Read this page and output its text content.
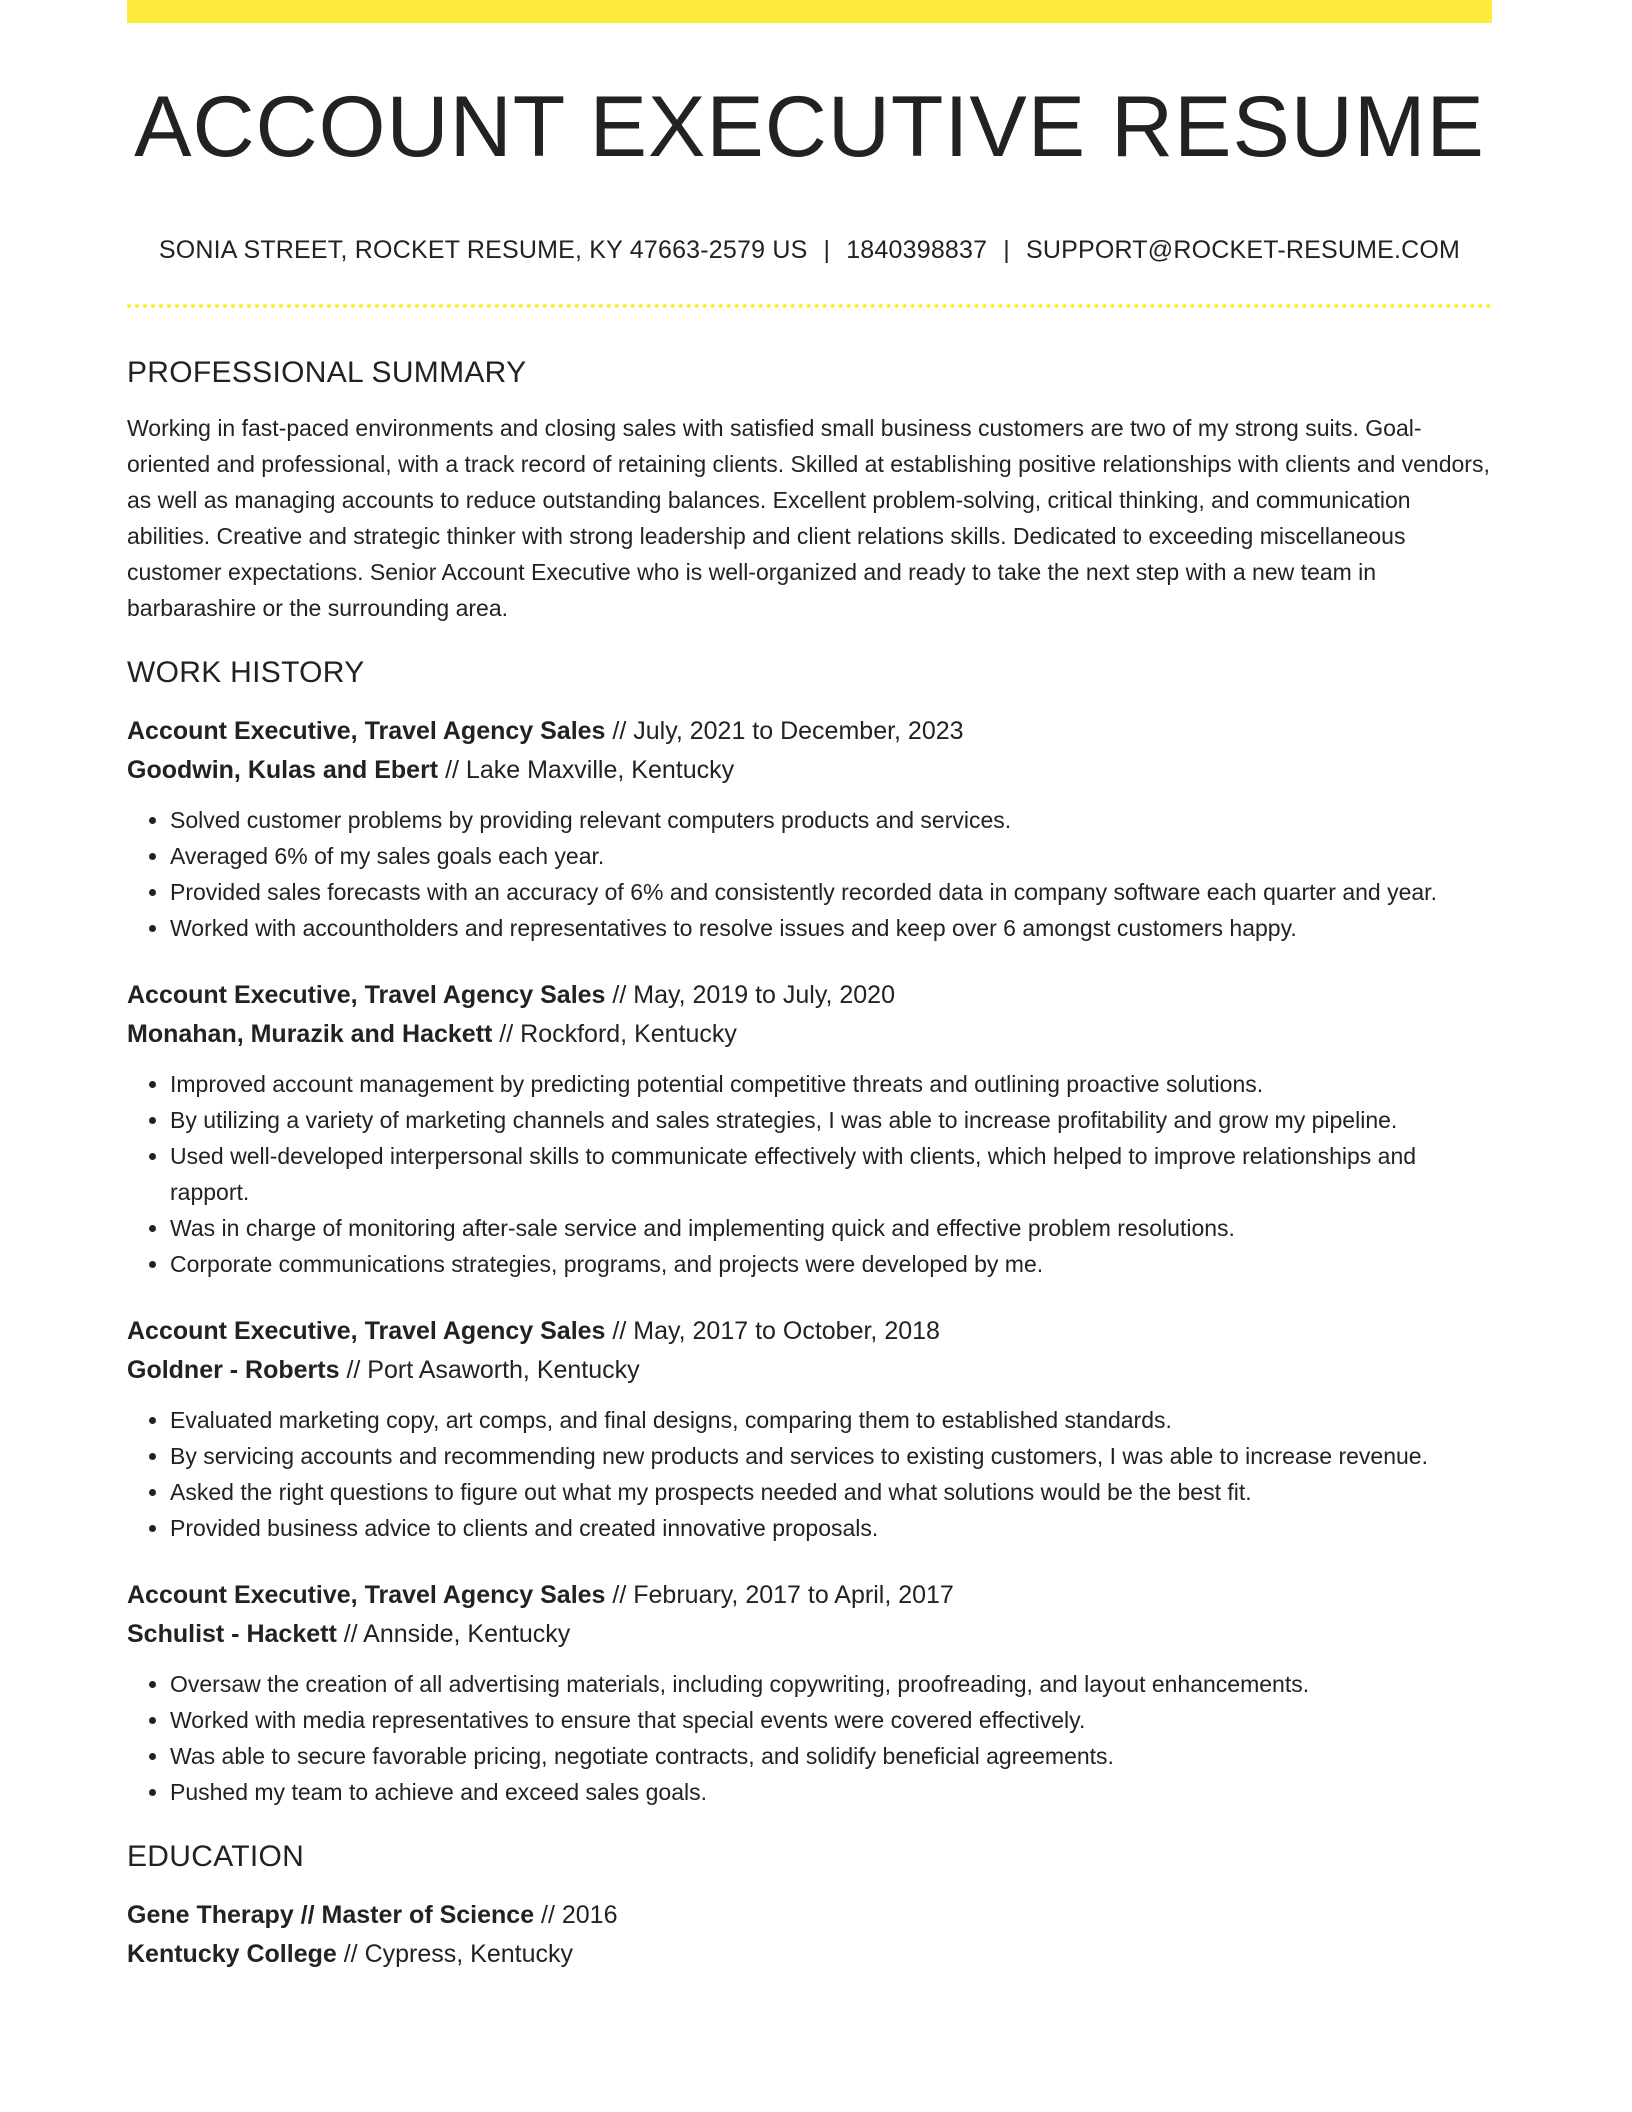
ACCOUNT EXECUTIVE RESUME
SONIA STREET, ROCKET RESUME, KY 47663-2579 US | 1840398837 | SUPPORT@ROCKET-RESUME.COM
PROFESSIONAL SUMMARY

Working in fast-paced environments and closing sales with satisfied small business customers are two of my strong suits. Goal-oriented and professional, with a track record of retaining clients. Skilled at establishing positive relationships with clients and vendors, as well as managing accounts to reduce outstanding balances. Excellent problem-solving, critical thinking, and communication abilities. Creative and strategic thinker with strong leadership and client relations skills. Dedicated to exceeding miscellaneous customer expectations. Senior Account Executive who is well-organized and ready to take the next step with a new team in barbarashire or the surrounding area.

WORK HISTORY
Account Executive, Travel Agency Sales // July, 2021 to December, 2023
Goodwin, Kulas and Ebert // Lake Maxville, Kentucky
• Solved customer problems by providing relevant computers products and services.
• Averaged 6% of my sales goals each year.
• Provided sales forecasts with an accuracy of 6% and consistently recorded data in company software each quarter and year.
• Worked with accountholders and representatives to resolve issues and keep over 6 amongst customers happy.
Account Executive, Travel Agency Sales // May, 2019 to July, 2020
Monahan, Murazik and Hackett // Rockford, Kentucky
• Improved account management by predicting potential competitive threats and outlining proactive solutions.
• By utilizing a variety of marketing channels and sales strategies, I was able to increase profitability and grow my pipeline.
• Used well-developed interpersonal skills to communicate effectively with clients, which helped to improve relationships and rapport.
• Was in charge of monitoring after-sale service and implementing quick and effective problem resolutions.
• Corporate communications strategies, programs, and projects were developed by me.
Account Executive, Travel Agency Sales // May, 2017 to October, 2018
Goldner - Roberts // Port Asaworth, Kentucky
• Evaluated marketing copy, art comps, and final designs, comparing them to established standards.
• By servicing accounts and recommending new products and services to existing customers, I was able to increase revenue.
• Asked the right questions to figure out what my prospects needed and what solutions would be the best fit.
• Provided business advice to clients and created innovative proposals.
Account Executive, Travel Agency Sales // February, 2017 to April, 2017
Schulist - Hackett // Annside, Kentucky
• Oversaw the creation of all advertising materials, including copywriting, proofreading, and layout enhancements.
• Worked with media representatives to ensure that special events were covered effectively.
• Was able to secure favorable pricing, negotiate contracts, and solidify beneficial agreements.
• Pushed my team to achieve and exceed sales goals.
EDUCATION
Gene Therapy // Master of Science // 2016
Kentucky College // Cypress, Kentucky
